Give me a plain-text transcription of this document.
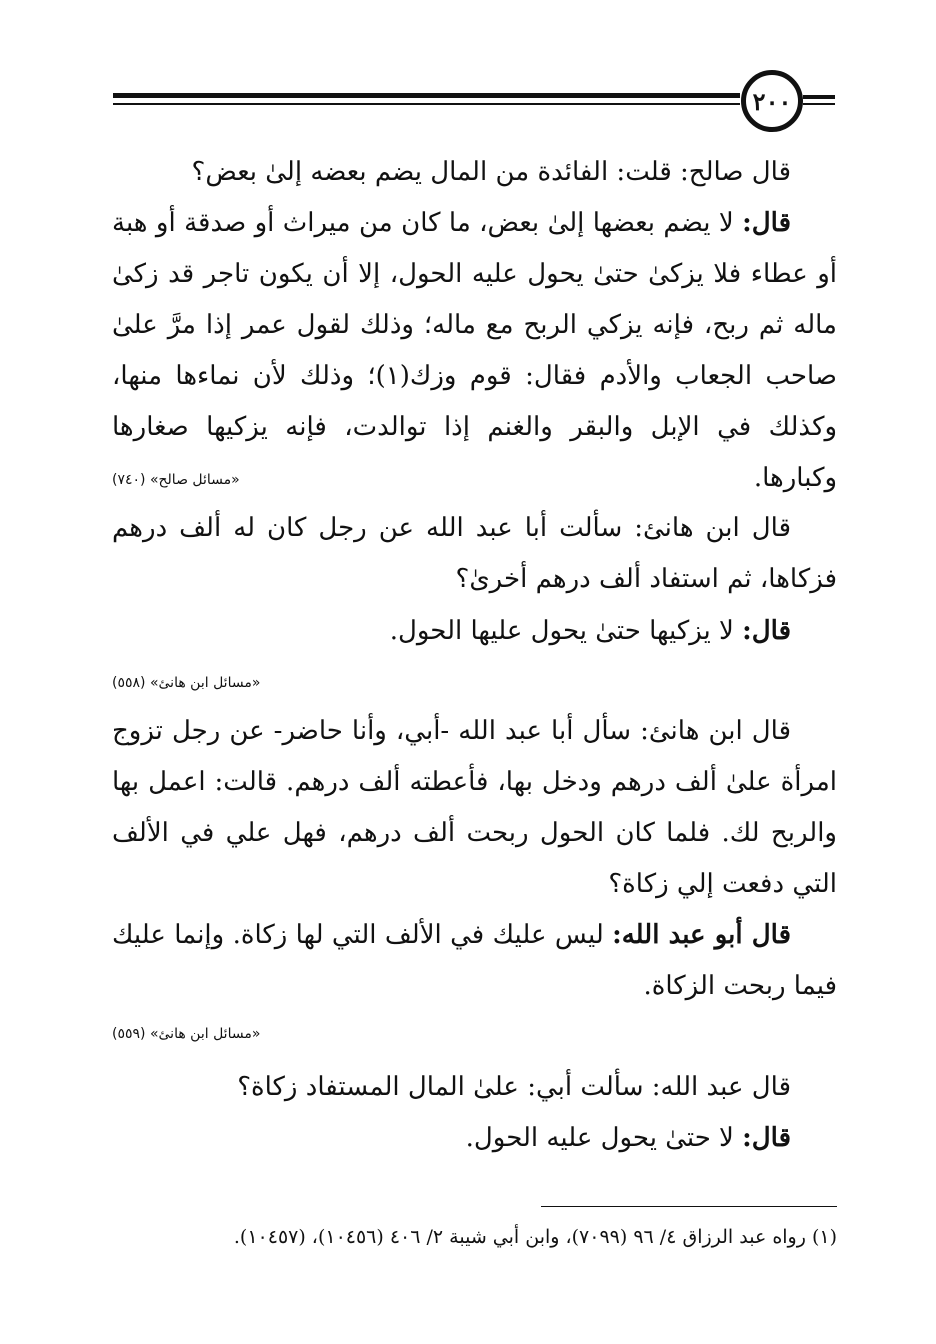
٢٠٠

قال صالح: قلت: الفائدة من المال يضم بعضه إلىٰ بعض؟

قال: لا يضم بعضها إلىٰ بعض، ما كان من ميراث أو صدقة أو هبة أو عطاء فلا يزكىٰ حتىٰ يحول عليه الحول، إلا أن يكون تاجر قد زكىٰ ماله ثم ربح، فإنه يزكي الربح مع ماله؛ وذلك لقول عمر إذا مرَّ علىٰ صاحب الجعاب والأدم فقال: قوم وزك(١)؛ وذلك لأن نماءها منها، وكذلك في الإبل والبقر والغنم إذا توالدت، فإنه يزكيها صغارها وكبارها.

«مسائل صالح» (٧٤٠)

قال ابن هانئ: سألت أبا عبد الله عن رجل كان له ألف درهم فزكاها، ثم استفاد ألف درهم أخرىٰ؟

قال: لا يزكيها حتىٰ يحول عليها الحول.

«مسائل ابن هانئ» (٥٥٨)

قال ابن هانئ: سأل أبا عبد الله -أبي، وأنا حاضر- عن رجل تزوج امرأة علىٰ ألف درهم ودخل بها، فأعطته ألف درهم. قالت: اعمل بها والربح لك. فلما كان الحول ربحت ألف درهم، فهل علي في الألف التي دفعت إلي زكاة؟

قال أبو عبد الله: ليس عليك في الألف التي لها زكاة. وإنما عليك فيما ربحت الزكاة.

«مسائل ابن هانئ» (٥٥٩)

قال عبد الله: سألت أبي: علىٰ المال المستفاد زكاة؟

قال: لا حتىٰ يحول عليه الحول.

(١) رواه عبد الرزاق ٤/ ٩٦ (٧٠٩٩)، وابن أبي شيبة ٢/ ٤٠٦ (١٠٤٥٦)، (١٠٤٥٧).
